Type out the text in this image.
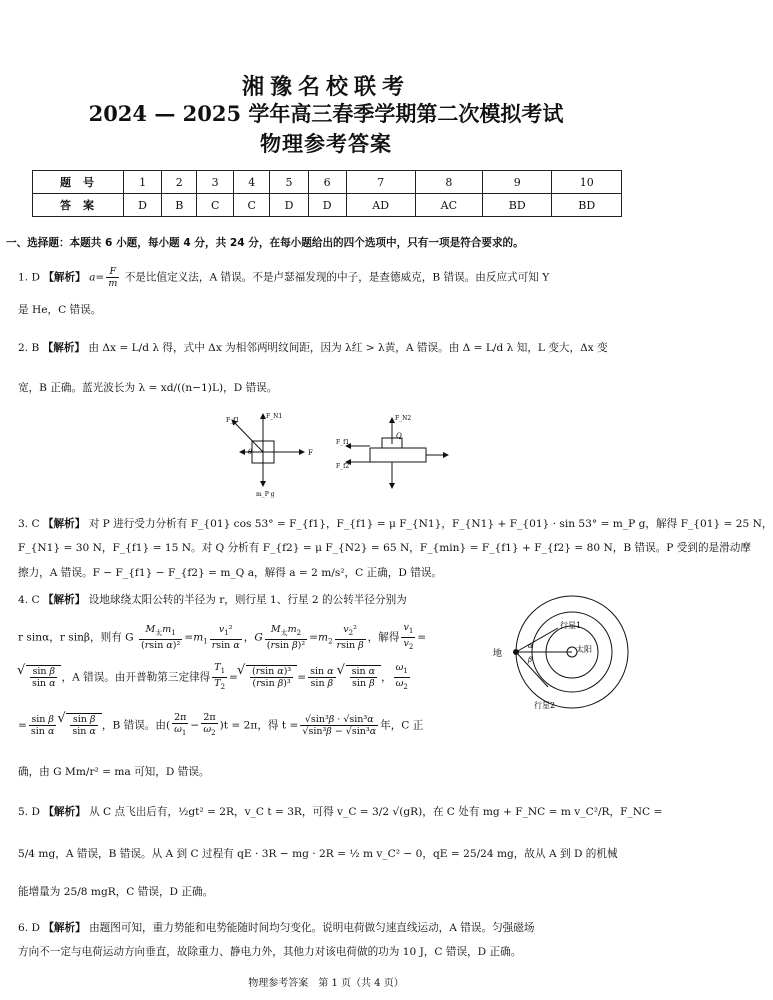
湘豫名校联考
2024 — 2025 学年高三春季学期第二次模拟考试
物理参考答案
题号	1	2	3	4	5	6	7	8	9	10
答案	D	B	C	C	D	D	AD	AC	BD	BD
一、选择题：本题共 6 小题，每小题 4 分，共 24 分，在每小题给出的四个选项中，只有一项是符合要求的。
1. D 【解析】 $a= \frac{F}{m}$ 不是比值定义法，A 错误。不是卢瑟福发现的中子，是查德威克，B 错误。由反应式可知 Y
是 He，C 错误。
2. B 【解析】 由 Δx = L/d λ 得，式中 Δx 为相邻两明纹间距，因为 λ红 > λ黄，A 错误。由 Δ = L/d λ 知，L 变大，Δx 变
宽，B 正确。蓝光波长为 λ = xd/((n−1)L)，D 错误。
F_N1
F_f1
F
θ
m_P g
F_N2
Q
F_f1
F_f2
3. C 【解析】 对 P 进行受力分析有 F_{01} cos 53° = F_{f1}，F_{f1} = μ F_{N1}，F_{N1} + F_{01} · sin 53° = m_P g，解得 F_{01} = 25 N，
F_{N1} = 30 N，F_{f1} = 15 N。对 Q 分析有 F_{f2} = μ F_{N2} = 65 N，F_{min} = F_{f1} + F_{f2} = 80 N，B 错误。P 受到的是滑动摩
擦力，A 错误。F − F_{f1} − F_{f2} = m_Q a，解得 a = 2 m/s²，C 正确，D 错误。
4. C 【解析】 设地球绕太阳公转的半径为 r，则行星 1、行星 2 的公转半径分别为
r sinα，r sinβ，则有 G $\frac{M_太m_1}{\text{(rsin α)²}} =m_1 \frac{v_1^2}{\text{rsin α}}$ ，G $\frac{M_太m_2}{\text{(rsin β)²}} =m_2 \frac{v_2^2}{\text{rsin β}}$ ，解得 $\frac{v_1}{v_2}$ =
√ $\frac{\text{sin β}}{\text{sin α}}$ ，A 错误。由开普勒第三定律得 $\frac{T_1}{T_2}$ = √ $\frac{\text{(rsin α)³}}{\text{(rsin β)³}} = \frac{\text{sin α}}{\text{sin β}}$ √ $\frac{\text{sin α}}{\text{sin β}}$ ， $\frac{\omega_1}{\omega_2}$
= $\frac{\text{sin β}}{\text{sin α}}$ √ $\frac{\text{sin β}}{\text{sin α}}$ ，B 错误。由( $\frac{2\pi}{\omega_1} - \frac{2\pi}{\omega_2} )t = 2\pi$，得 $t = \frac{\text{√sin³β · √sin³α}}{\text{√sin³β − √sin³α}}$ 年，C 正
确，由 G Mm/r² = ma 可知，D 错误。
地	太阳
行星1
行星2
α
β
5. D 【解析】 从 C 点飞出后有，½gt² = 2R，v_C t = 3R，可得 v_C = 3/2 √(gR)，在 C 处有 mg + F_NC = m v_C²/R，F_NC =
5/4 mg，A 错误，B 错误。从 A 到 C 过程有 qE · 3R − mg · 2R = ½ m v_C² − 0，qE = 25/24 mg，故从 A 到 D 的机械
能增量为 25/8 mgR，C 错误，D 正确。
6. D 【解析】 由题图可知，重力势能和电势能随时间均匀变化。说明电荷做匀速直线运动，A 错误。匀强磁场
方向不一定与电荷运动方向垂直，故除重力、静电力外，其他力对该电荷做的功为 10 J，C 错误，D 正确。
物理参考答案　第 1 页（共 4 页）
